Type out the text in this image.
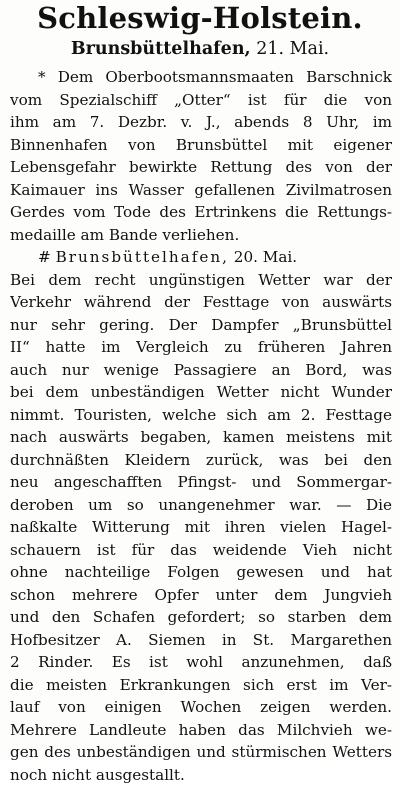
Schleswig-Holstein.
Brunsbüttelhafen, 21. Mai.
* Dem Oberbootsmannsmaaten Barschnick
vom Spezialschiff „Otter“ ist für die von
ihm am 7. Dezbr. v. J., abends 8 Uhr, im
Binnenhafen von Brunsbüttel mit eigener
Lebensgefahr bewirkte Rettung des von der
Kaimauer ins Wasser gefallenen Zivilmatrosen
Gerdes vom Tode des Ertrinkens die Rettungs-
medaille am Bande verliehen.
# Brunsbüttelhafen, 20. Mai.
Bei dem recht ungünstigen Wetter war der
Verkehr während der Festtage von auswärts
nur sehr gering. Der Dampfer „Brunsbüttel
II“ hatte im Vergleich zu früheren Jahren
auch nur wenige Passagiere an Bord, was
bei dem unbeständigen Wetter nicht Wunder
nimmt. Touristen, welche sich am 2. Festtage
nach auswärts begaben, kamen meistens mit
durchnäßten Kleidern zurück, was bei den
neu angeschafften Pfingst- und Sommergar-
deroben um so unangenehmer war. — Die
naßkalte Witterung mit ihren vielen Hagel-
schauern ist für das weidende Vieh nicht
ohne nachteilige Folgen gewesen und hat
schon mehrere Opfer unter dem Jungvieh
und den Schafen gefordert; so starben dem
Hofbesitzer A. Siemen in St. Margarethen
2 Rinder. Es ist wohl anzunehmen, daß
die meisten Erkrankungen sich erst im Ver-
lauf von einigen Wochen zeigen werden.
Mehrere Landleute haben das Milchvieh we-
gen des unbeständigen und stürmischen Wetters
noch nicht ausgestallt.
